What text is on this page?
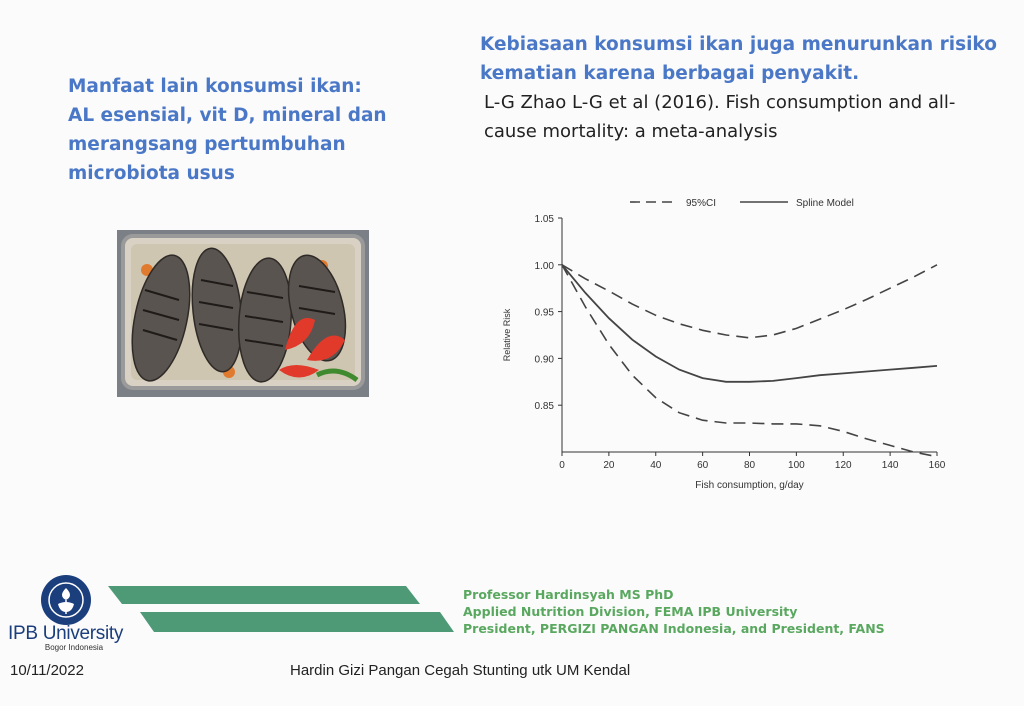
Manfaat lain konsumsi ikan:
AL esensial, vit D, mineral dan
merangsang pertumbuhan
microbiota usus
Kebiasaan konsumsi ikan juga menurunkan risiko
kematian karena berbagai penyakit.
L-G Zhao L-G et al (2016). Fish consumption and all-
cause mortality: a meta-analysis
0.85
0.90
0.95
1.00
1.05
0	20	40	60	80	100	120	140	160
Fish consumption, g/day
Relative Risk
95%CI	Spline Model
IPB University
Bogor Indonesia
Professor Hardinsyah MS PhD
Applied Nutrition Division, FEMA IPB University
President, PERGIZI PANGAN Indonesia, and President, FANS
10/11/2022	Hardin Gizi Pangan Cegah Stunting utk UM Kendal
